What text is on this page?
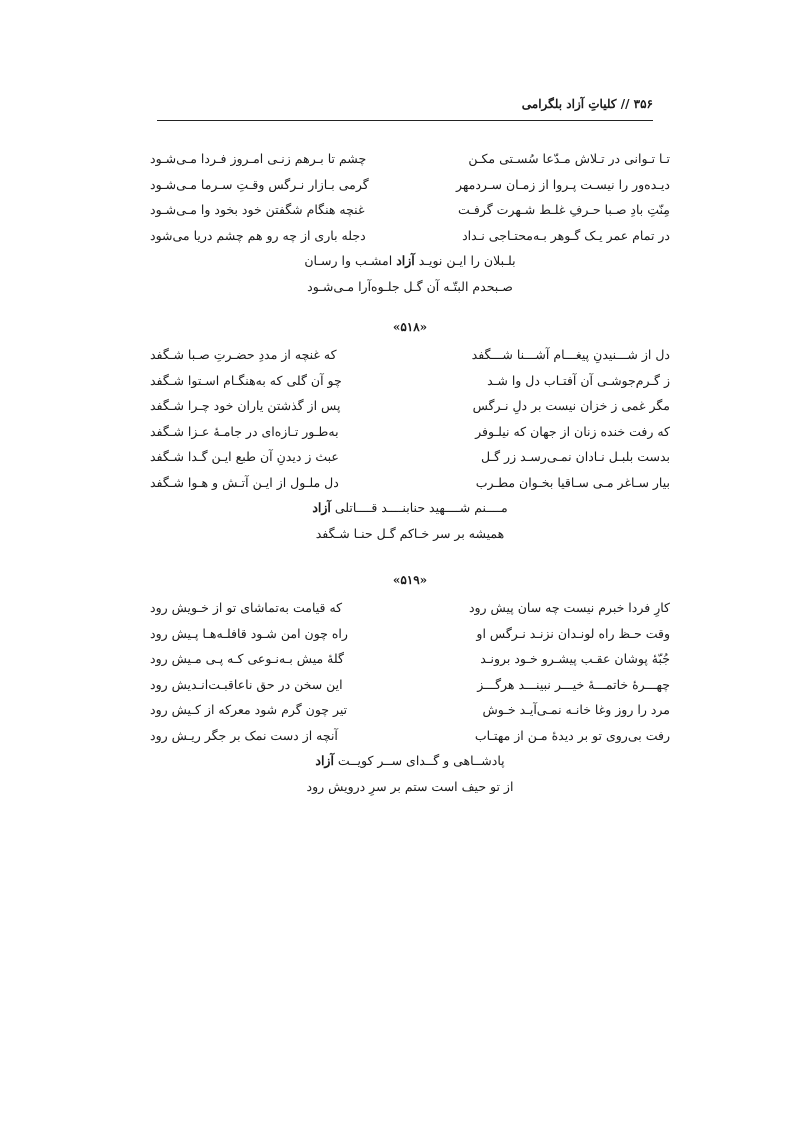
۳۵۶ // کلیاتِ آزاد بلگرامی
تـا تـوانی در تـلاش مـدّعا سُسـتی مکـن
چشم تا بـرهم زنـی امـروز فـردا مـی‌شـود
دیـده‌ور را نیسـت پـروا از زمـان سـردمهر
گرمی بـازار نـرگس وقـتِ سـرما مـی‌شـود
مِنّتِ بادِ صـبا حـرفِ غلـط شـهرت گرفـت
غنچه هنگام شگفتن خود بخود وا مـی‌شـود
در تمام عمر یـک گـوهر بـه‌محتـاجی نـداد
دجله باری از چه رو هم چشم دریا می‌شود
بلـبلان را ایـن نویـد آزاد امشـب وا رسـان
صـبحدم البتّـه آن گـل جلـوه‌آرا مـی‌شـود
«۵۱۸»
دل از شـــنیدنِ پیغـــام آشـــنا شـــگفد
که غنچه از مددِ حضـرتِ صـبا شـگفد
ز گـرم‌جوشـی آن آفتـاب دل وا شـد
چو آن گلی که به‌هنگـام اسـتوا شـگفد
مگر غمی ز خزان نیست بر دلِ نـرگس
پس از گذشتن یاران خود چـرا شـگفد
که رفت خنده زنان از جهان که نیلـوفر
به‌طـور تـازه‌ای در جامـهٔ عـزا شـگفد
بدست بلبـل نـادان نمـی‌رسـد زر گـل
عبث ز دیدنِ آن طبع ایـن گـدا شـگفد
بیار سـاغر مـی سـاقیا بخـوان مطـرب
دل ملـول از ایـن آتـش و هـوا شـگفد
مــــنم شــــهید حنابنــــد قــــاتلی آزاد
همیشه بر سر خـاکم گـل حنـا شـگفد
«۵۱۹»
کارِ فردا خبرم نیست چه سان پیش رود
که قیامت به‌تماشای تو از خـویش رود
وقت حـظ راه لونـدان نزنـد نـرگس او
راه چون امن شـود قافلـه‌هـا پـیش رود
جُبّهٔ پوشان عقـب پیشـرو خـود برونـد
گلهٔ میش بـه‌نـوعی کـه پـی مـیش رود
چهـــرهٔ خاتمـــهٔ خیـــر نبینـــد هرگـــز
این سخن در حق ناعاقبـت‌انـدیش رود
مرد را روز وغا خانـه نمـی‌آیـد خـوش
تیر چون گرم شود معرکه از کـیش رود
رفت بی‌روی تو بر دیدهٔ مـن از مهتـاب
آنچه از دست نمک بر جگر ریـش رود
پادشــاهی و گــدای ســر کویــت آزاد
از تو حیف است ستم بر سرِ درویش رود
